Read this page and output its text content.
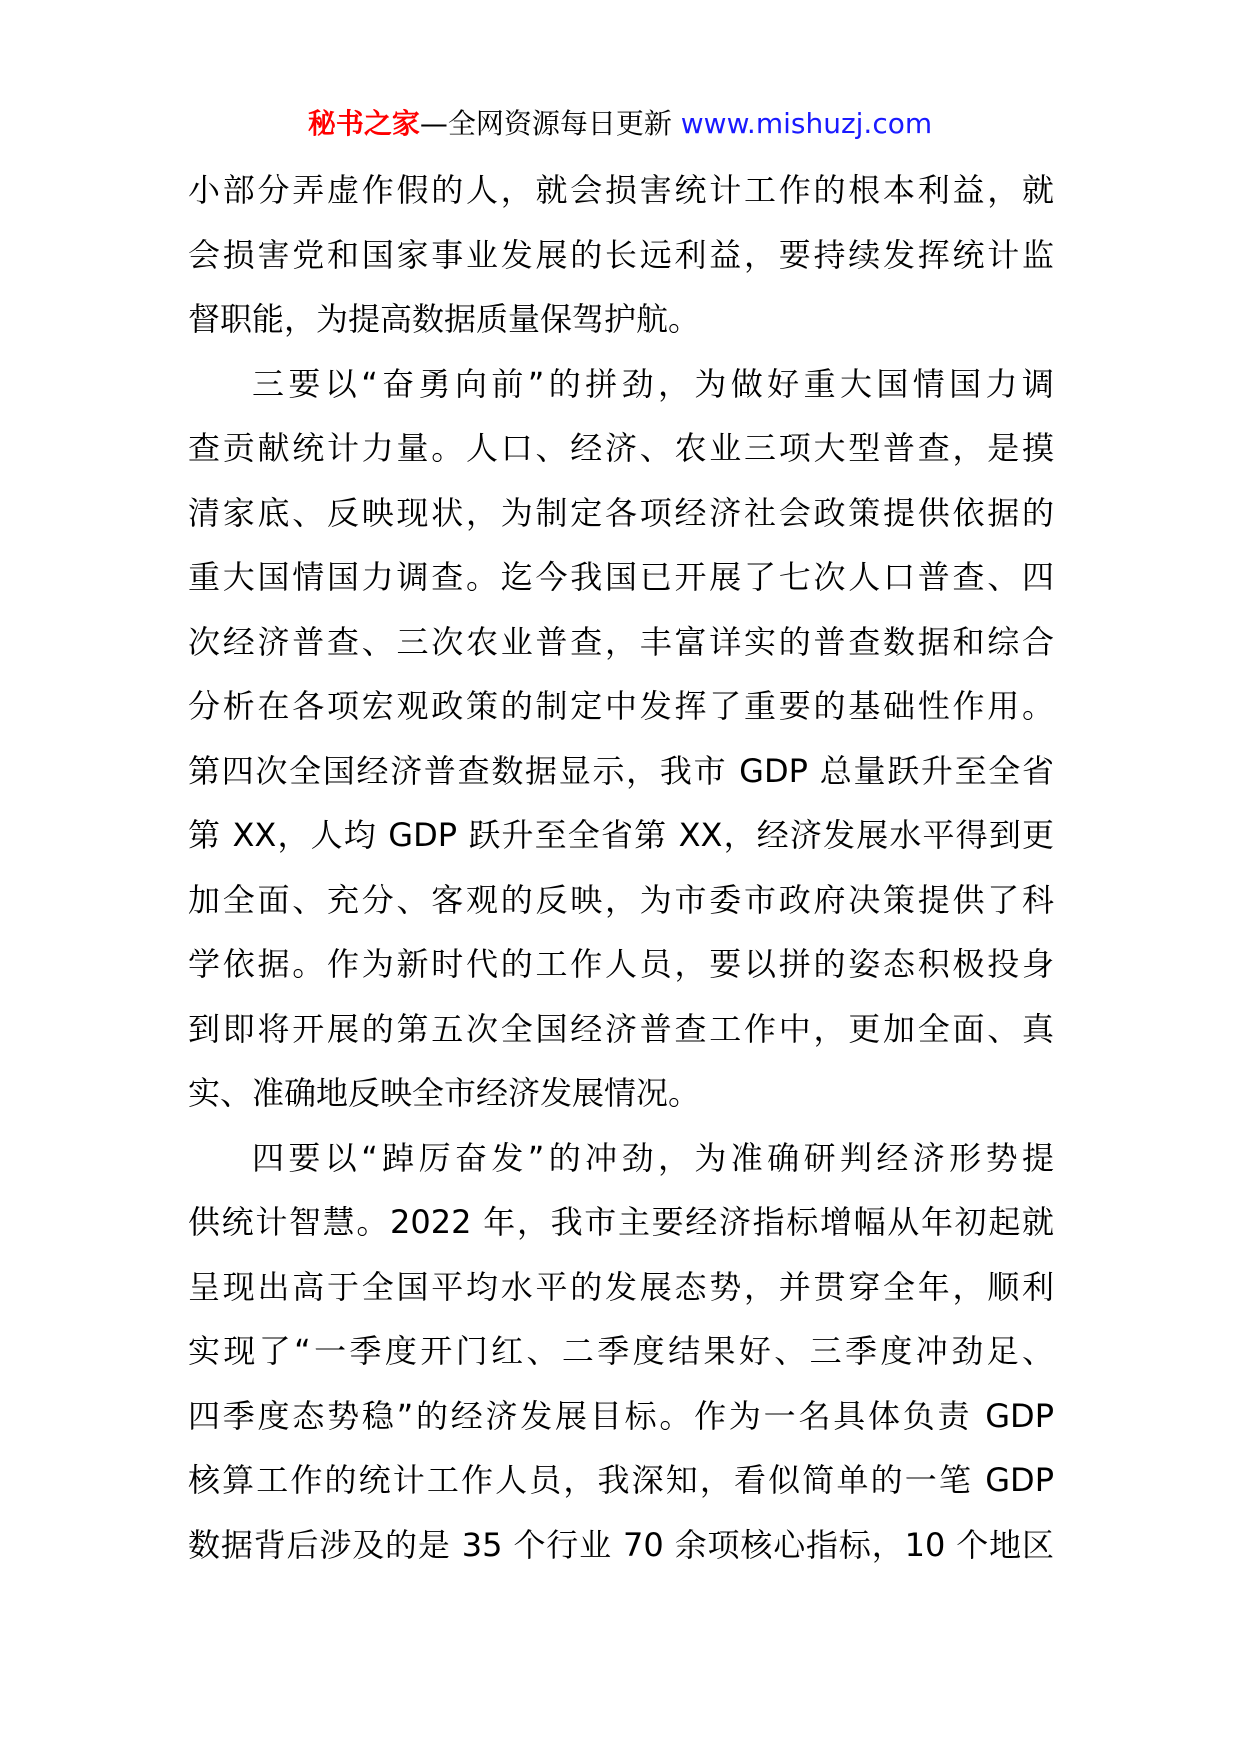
秘书之家—全网资源每日更新 www.mishuzj.com
小部分弄虚作假的人，就会损害统计工作的根本利益，就
会损害党和国家事业发展的长远利益，要持续发挥统计监
督职能，为提高数据质量保驾护航。
三要以“奋勇向前”的拼劲，为做好重大国情国力调
查贡献统计力量。人口、经济、农业三项大型普查，是摸
清家底、反映现状，为制定各项经济社会政策提供依据的
重大国情国力调查。迄今我国已开展了七次人口普查、四
次经济普查、三次农业普查，丰富详实的普查数据和综合
分析在各项宏观政策的制定中发挥了重要的基础性作用。
第四次全国经济普查数据显示，我市 GDP 总量跃升至全省
第 XX，人均 GDP 跃升至全省第 XX，经济发展水平得到更
加全面、充分、客观的反映，为市委市政府决策提供了科
学依据。作为新时代的工作人员，要以拼的姿态积极投身
到即将开展的第五次全国经济普查工作中，更加全面、真
实、准确地反映全市经济发展情况。
四要以“踔厉奋发”的冲劲，为准确研判经济形势提
供统计智慧。2022 年，我市主要经济指标增幅从年初起就
呈现出高于全国平均水平的发展态势，并贯穿全年，顺利
实现了“一季度开门红、二季度结果好、三季度冲劲足、
四季度态势稳”的经济发展目标。作为一名具体负责 GDP
核算工作的统计工作人员，我深知，看似简单的一笔 GDP
数据背后涉及的是 35 个行业 70 余项核心指标，10 个地区
